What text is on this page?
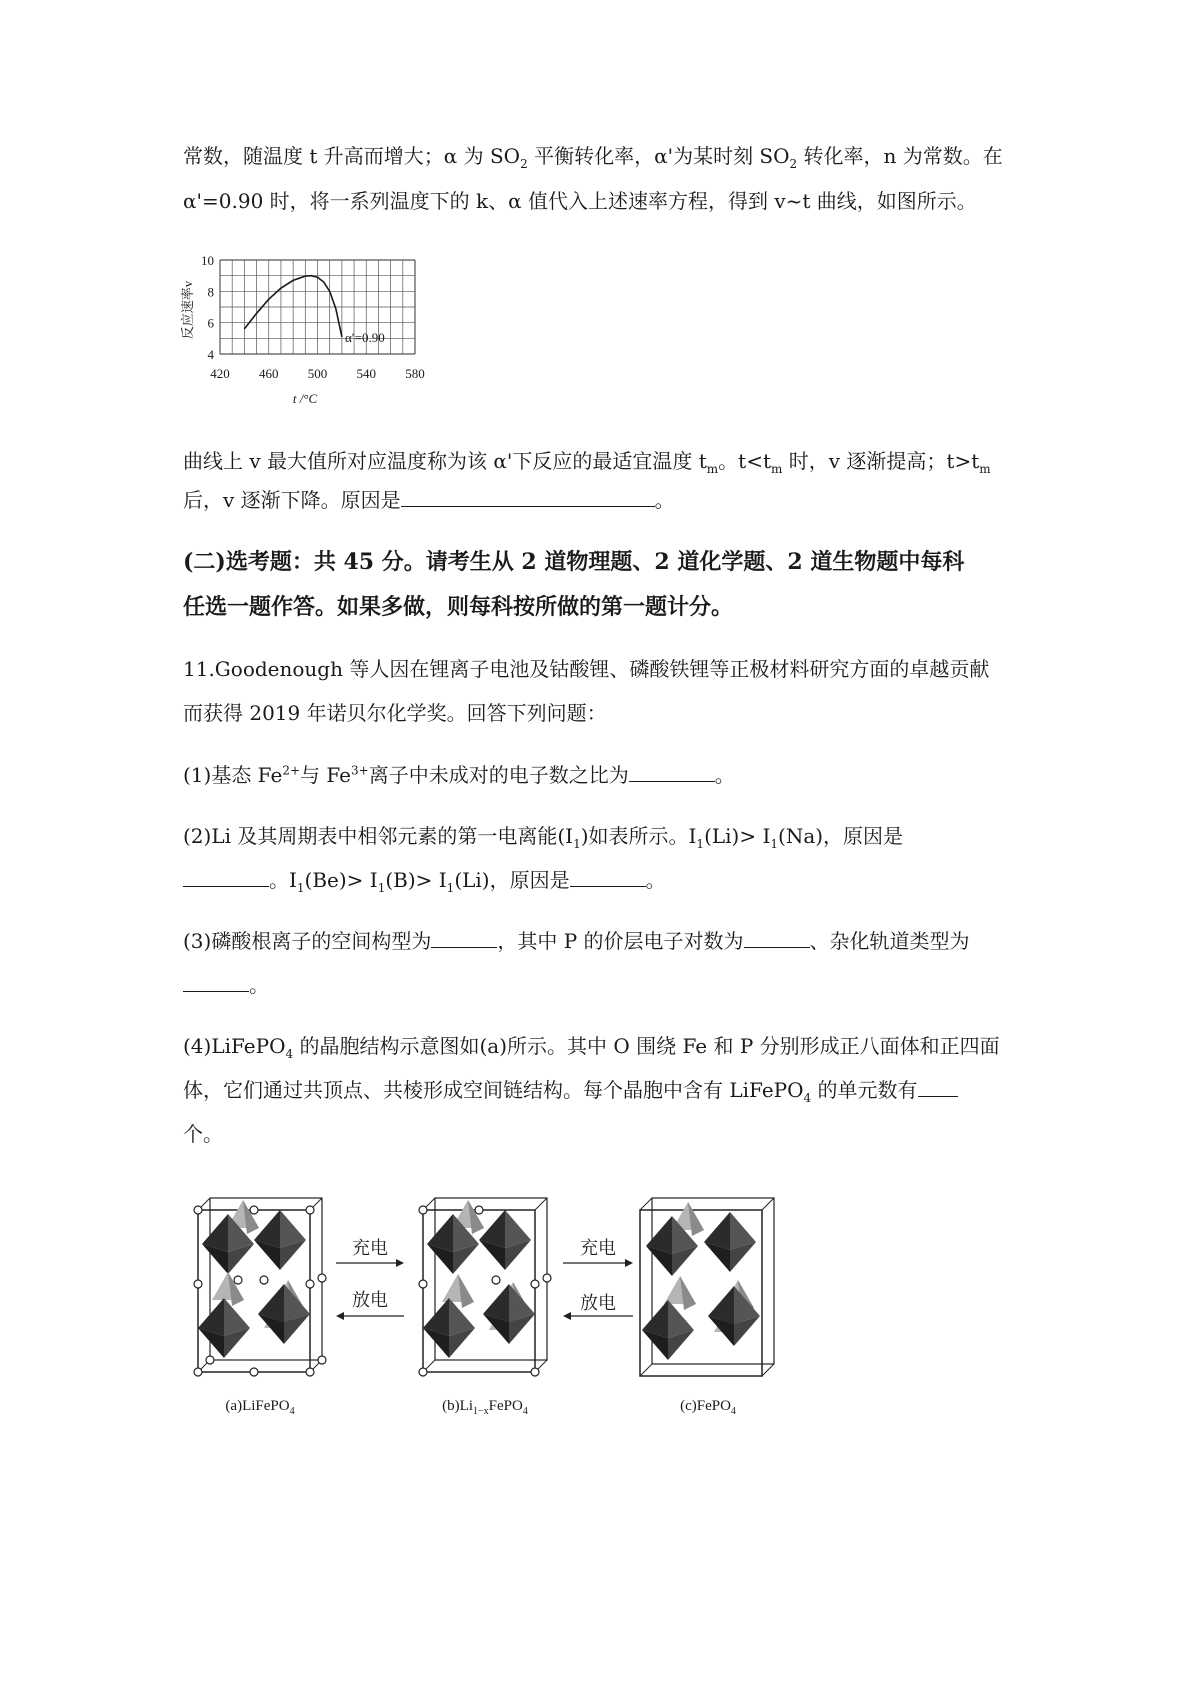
常数，随温度 t 升高而增大；α 为 $SO_2$ 平衡转化率，α'为某时刻 $SO_2$ 转化率，n 为常数。在
α'=0.90 时，将一系列温度下的 k、α 值代入上述速率方程，得到 v~t 曲线，如图所示。
420 460 500 540 580
4
6
8
10
反应速率v
t /°C
α′=0.90
曲线上 v 最大值所对应温度称为该 α'下反应的最适宜温度 $t_m$。$t<t_m$ 时，v 逐渐提高；$t>t_m$
后，v 逐渐下降。原因是	。
(二)选考题：共 45 分。请考生从 2 道物理题、2 道化学题、2 道生物题中每科
任选一题作答。如果多做，则每科按所做的第一题计分。
11.Goodenough 等人因在锂离子电池及钴酸锂、磷酸铁锂等正极材料研究方面的卓越贡献
而获得 2019 年诺贝尔化学奖。回答下列问题：
(1)基态 $Fe^{2+}$与 $Fe^{3+}$离子中未成对的电子数之比为	。
(2)Li 及其周期表中相邻元素的第一电离能$(I_1)$如表所示。$I_1(Li)> I_1(Na)$，原因是
。$I_1(Be)> I_1(B)> I_1(Li)$，原因是	。
(3)磷酸根离子的空间构型为	，其中 P 的价层电子对数为	、杂化轨道类型为
。
(4)LiFePO$_4$ 的晶胞结构示意图如(a)所示。其中 O 围绕 Fe 和 P 分别形成正八面体和正四面
体，它们通过共顶点、共棱形成空间链结构。每个晶胞中含有 LiFePO$_4$ 的单元数有
个。
充电
放电
充电
放电
(a)LiFePO$_4$	$(b)Li_{1-x}FePO_4$	(c)FePO$_4$
